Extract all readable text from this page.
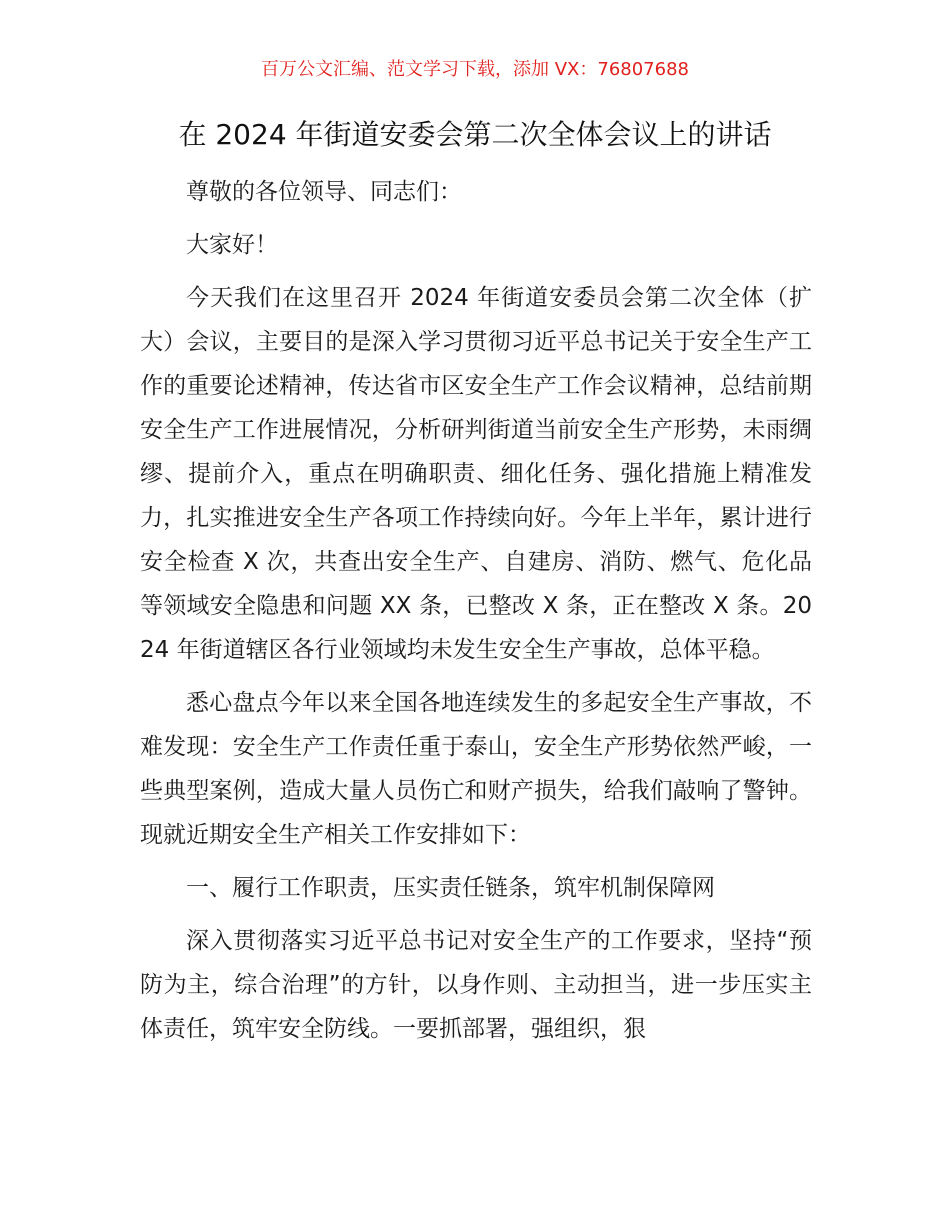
百万公文汇编、范文学习下载，添加 VX：76807688
在 2024 年街道安委会第二次全体会议上的讲话

尊敬的各位领导、同志们：

大家好！

今天我们在这里召开 2024 年街道安委员会第二次全体（扩大）会议，主要目的是深入学习贯彻习近平总书记关于安全生产工作的重要论述精神，传达省市区安全生产工作会议精神，总结前期安全生产工作进展情况，分析研判街道当前安全生产形势，未雨绸缪、提前介入，重点在明确职责、细化任务、强化措施上精准发力，扎实推进安全生产各项工作持续向好。今年上半年，累计进行安全检查 X 次，共查出安全生产、自建房、消防、燃气、危化品等领域安全隐患和问题 XX 条，已整改 X 条，正在整改 X 条。2024 年街道辖区各行业领域均未发生安全生产事故，总体平稳。

悉心盘点今年以来全国各地连续发生的多起安全生产事故，不难发现：安全生产工作责任重于泰山，安全生产形势依然严峻，一些典型案例，造成大量人员伤亡和财产损失，给我们敲响了警钟。现就近期安全生产相关工作安排如下：

一、履行工作职责，压实责任链条，筑牢机制保障网

深入贯彻落实习近平总书记对安全生产的工作要求，坚持“预防为主，综合治理”的方针，以身作则、主动担当，进一步压实主体责任，筑牢安全防线。一要抓部署，强组织，狠
